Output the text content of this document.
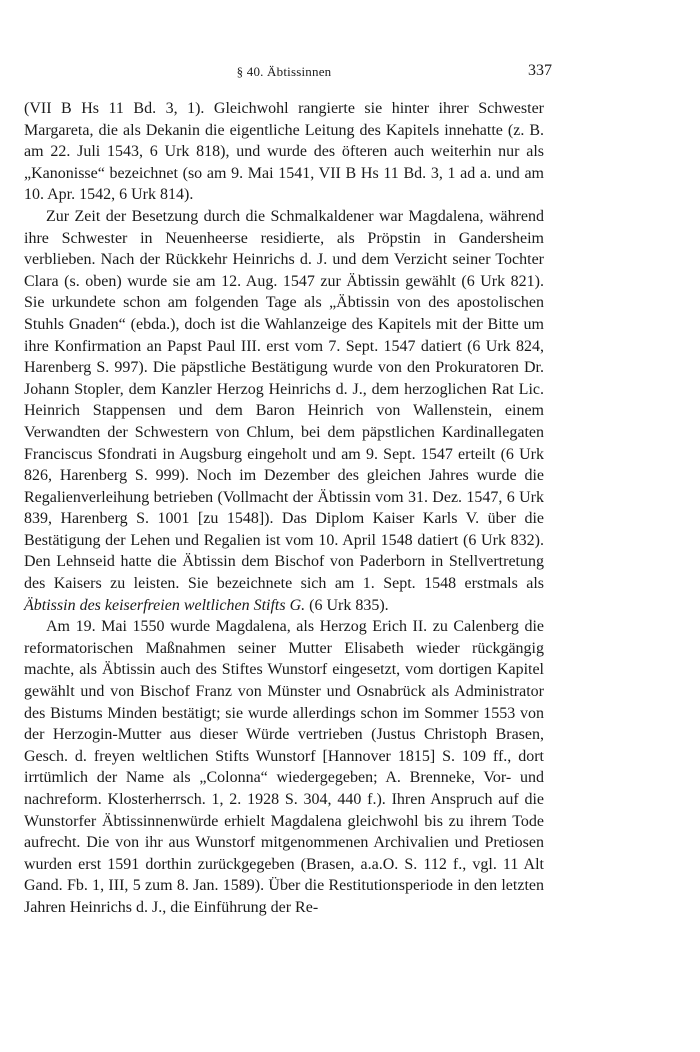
§ 40. Äbtissinnen	337

(VII B Hs 11 Bd. 3, 1). Gleichwohl rangierte sie hinter ihrer Schwester Margareta, die als Dekanin die eigentliche Leitung des Kapitels innehatte (z. B. am 22. Juli 1543, 6 Urk 818), und wurde des öfteren auch weiterhin nur als „Kanonisse“ bezeichnet (so am 9. Mai 1541, VII B Hs 11 Bd. 3, 1 ad a. und am 10. Apr. 1542, 6 Urk 814).

Zur Zeit der Besetzung durch die Schmalkaldener war Magdalena, während ihre Schwester in Neuenheerse residierte, als Pröpstin in Gandersheim verblieben. Nach der Rückkehr Heinrichs d. J. und dem Verzicht seiner Tochter Clara (s. oben) wurde sie am 12. Aug. 1547 zur Äbtissin gewählt (6 Urk 821). Sie urkundete schon am folgenden Tage als „Äbtissin von des apostolischen Stuhls Gnaden“ (ebda.), doch ist die Wahlanzeige des Kapitels mit der Bitte um ihre Konfirmation an Papst Paul III. erst vom 7. Sept. 1547 datiert (6 Urk 824, Harenberg S. 997). Die päpstliche Bestätigung wurde von den Prokuratoren Dr. Johann Stopler, dem Kanzler Herzog Heinrichs d. J., dem herzoglichen Rat Lic. Heinrich Stappensen und dem Baron Heinrich von Wallenstein, einem Verwandten der Schwestern von Chlum, bei dem päpstlichen Kardinallegaten Franciscus Sfondrati in Augsburg eingeholt und am 9. Sept. 1547 erteilt (6 Urk 826, Harenberg S. 999). Noch im Dezember des gleichen Jahres wurde die Regalienverleihung betrieben (Vollmacht der Äbtissin vom 31. Dez. 1547, 6 Urk 839, Harenberg S. 1001 [zu 1548]). Das Diplom Kaiser Karls V. über die Bestätigung der Lehen und Regalien ist vom 10. April 1548 datiert (6 Urk 832). Den Lehnseid hatte die Äbtissin dem Bischof von Paderborn in Stellvertretung des Kaisers zu leisten. Sie bezeichnete sich am 1. Sept. 1548 erstmals als Äbtissin des keiserfreien weltlichen Stifts G. (6 Urk 835).

Am 19. Mai 1550 wurde Magdalena, als Herzog Erich II. zu Calenberg die reformatorischen Maßnahmen seiner Mutter Elisabeth wieder rückgängig machte, als Äbtissin auch des Stiftes Wunstorf eingesetzt, vom dortigen Kapitel gewählt und von Bischof Franz von Münster und Osnabrück als Administrator des Bistums Minden bestätigt; sie wurde allerdings schon im Sommer 1553 von der Herzogin-Mutter aus dieser Würde vertrieben (Justus Christoph Brasen, Gesch. d. freyen weltlichen Stifts Wunstorf [Hannover 1815] S. 109 ff., dort irrtümlich der Name als „Colonna“ wiedergegeben; A. Brenneke, Vor- und nachreform. Klosterherrsch. 1, 2. 1928 S. 304, 440 f.). Ihren Anspruch auf die Wunstorfer Äbtissinnenwürde erhielt Magdalena gleichwohl bis zu ihrem Tode aufrecht. Die von ihr aus Wunstorf mitgenommenen Archivalien und Pretiosen wurden erst 1591 dorthin zurückgegeben (Brasen, a.a.O. S. 112 f., vgl. 11 Alt Gand. Fb. 1, III, 5 zum 8. Jan. 1589). Über die Restitutionsperiode in den letzten Jahren Heinrichs d. J., die Einführung der Re-
